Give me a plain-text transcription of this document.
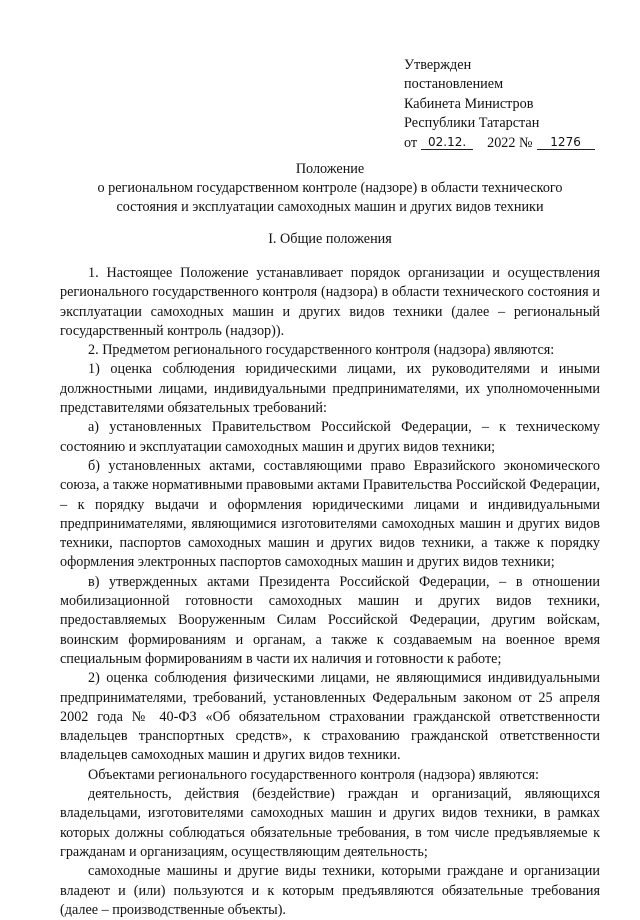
Утвержден
постановлением
Кабинета Министров
Республики Татарстан
от 02.12. 2022 № 1276
Положение
о региональном государственном контроле (надзоре) в области технического
состояния и эксплуатации самоходных машин и других видов техники
I. Общие положения

1. Настоящее Положение устанавливает порядок организации и осуществления регионального государственного контроля (надзора) в области технического состояния и эксплуатации самоходных машин и других видов техники (далее – региональный государственный контроль (надзор)).

2. Предметом регионального государственного контроля (надзора) являются:

1) оценка соблюдения юридическими лицами, их руководителями и иными должностными лицами, индивидуальными предпринимателями, их уполномоченными представителями обязательных требований:

а) установленных Правительством Российской Федерации, – к техническому состоянию и эксплуатации самоходных машин и других видов техники;

б) установленных актами, составляющими право Евразийского экономического союза, а также нормативными правовыми актами Правительства Российской Федерации, – к порядку выдачи и оформления юридическими лицами и индивидуальными предпринимателями, являющимися изготовителями самоходных машин и других видов техники, паспортов самоходных машин и других видов техники, а также к порядку оформления электронных паспортов самоходных машин и других видов техники;

в) утвержденных актами Президента Российской Федерации, – в отношении мобилизационной готовности самоходных машин и других видов техники, предоставляемых Вооруженным Силам Российской Федерации, другим войскам, воинским формированиям и органам, а также к создаваемым на военное время специальным формированиям в части их наличия и готовности к работе;

2) оценка соблюдения физическими лицами, не являющимися индивидуальными предпринимателями, требований, установленных Федеральным законом от 25 апреля 2002 года № 40-ФЗ «Об обязательном страховании гражданской ответственности владельцев транспортных средств», к страхованию гражданской ответственности владельцев самоходных машин и других видов техники.

Объектами регионального государственного контроля (надзора) являются:

деятельность, действия (бездействие) граждан и организаций, являющихся владельцами, изготовителями самоходных машин и других видов техники, в рамках которых должны соблюдаться обязательные требования, в том числе предъявляемые к гражданам и организациям, осуществляющим деятельность;

самоходные машины и другие виды техники, которыми граждане и организации владеют и (или) пользуются и к которым предъявляются обязательные требования (далее – производственные объекты).
